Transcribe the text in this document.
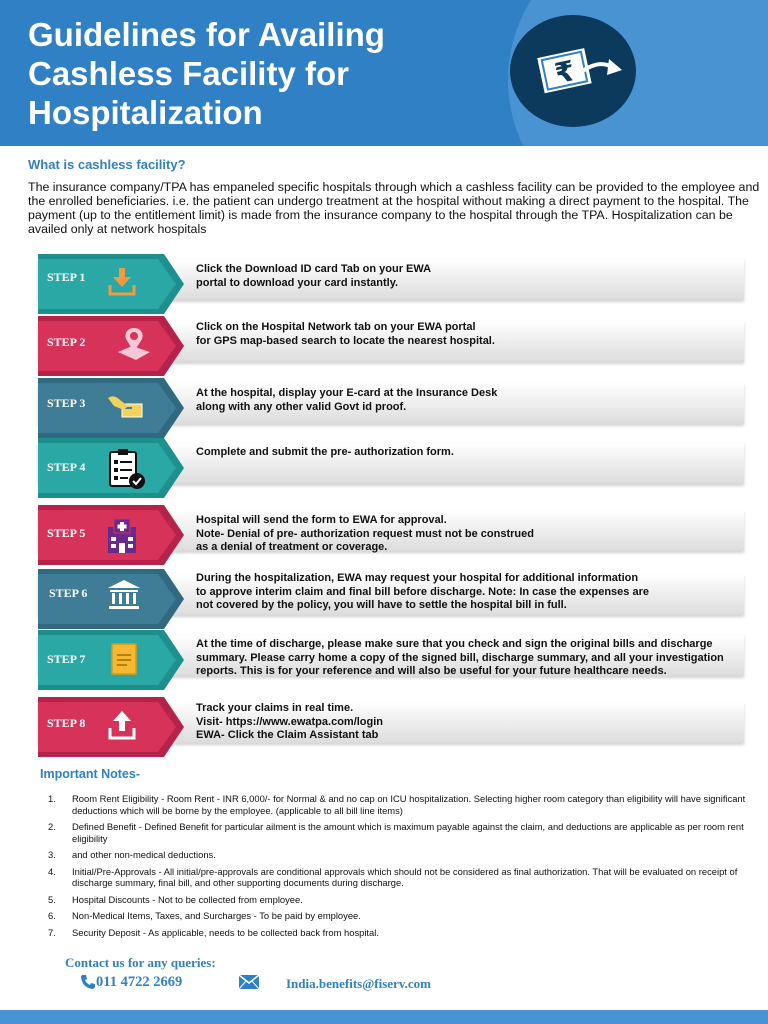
Guidelines for Availing
Cashless Facility for
Hospitalization
₹
What is cashless facility?

The insurance company/TPA has empaneled specific hospitals through which a cashless facility can be provided to the employee and the enrolled beneficiaries. i.e. the patient can undergo treatment at the hospital without making a direct payment to the hospital. The payment (up to the entitlement limit) is made from the insurance company to the hospital through the TPA. Hospitalization can be availed only at network hospitals

STEP 1

Click the Download ID card Tab on your EWA
portal to download your card instantly.

STEP 2

Click on the Hospital Network tab on your EWA portal
for GPS map-based search to locate the nearest hospital.

STEP 3

At the hospital, display your E-card at the Insurance Desk
along with any other valid Govt id proof.

STEP 4

Complete and submit the pre- authorization form.

STEP 5

Hospital will send the form to EWA for approval.
Note- Denial of pre- authorization request must not be construed
as a denial of treatment or coverage.

STEP 6

During the hospitalization, EWA may request your hospital for additional information
to approve interim claim and final bill before discharge. Note: In case the expenses are
not covered by the policy, you will have to settle the hospital bill in full.

STEP 7

At the time of discharge, please make sure that you check and sign the original bills and discharge
summary. Please carry home a copy of the signed bill, discharge summary, and all your investigation
reports. This is for your reference and will also be useful for your future healthcare needs.

STEP 8

Track your claims in real time.
Visit- https://www.ewatpa.com/login
EWA- Click the Claim Assistant tab

Important Notes-
1. Room Rent Eligibility - Room Rent - INR 6,000/- for Normal & and no cap on ICU hospitalization. Selecting higher room category than eligibility will have significant deductions which will be borne by the employee. (applicable to all bill line items)
2. Defined Benefit - Defined Benefit for particular ailment is the amount which is maximum payable against the claim, and deductions are applicable as per room rent eligibility
3. and other non-medical deductions.
4. Initial/Pre-Approvals - All initial/pre-approvals are conditional approvals which should not be considered as final authorization. That will be evaluated on receipt of discharge summary, final bill, and other supporting documents during discharge.
5. Hospital Discounts - Not to be collected from employee.
6. Non-Medical Items, Taxes, and Surcharges - To be paid by employee.
7. Security Deposit - As applicable, needs to be collected back from hospital.

Contact us for any queries:

011 4722 2669	India.benefits@fiserv.com
